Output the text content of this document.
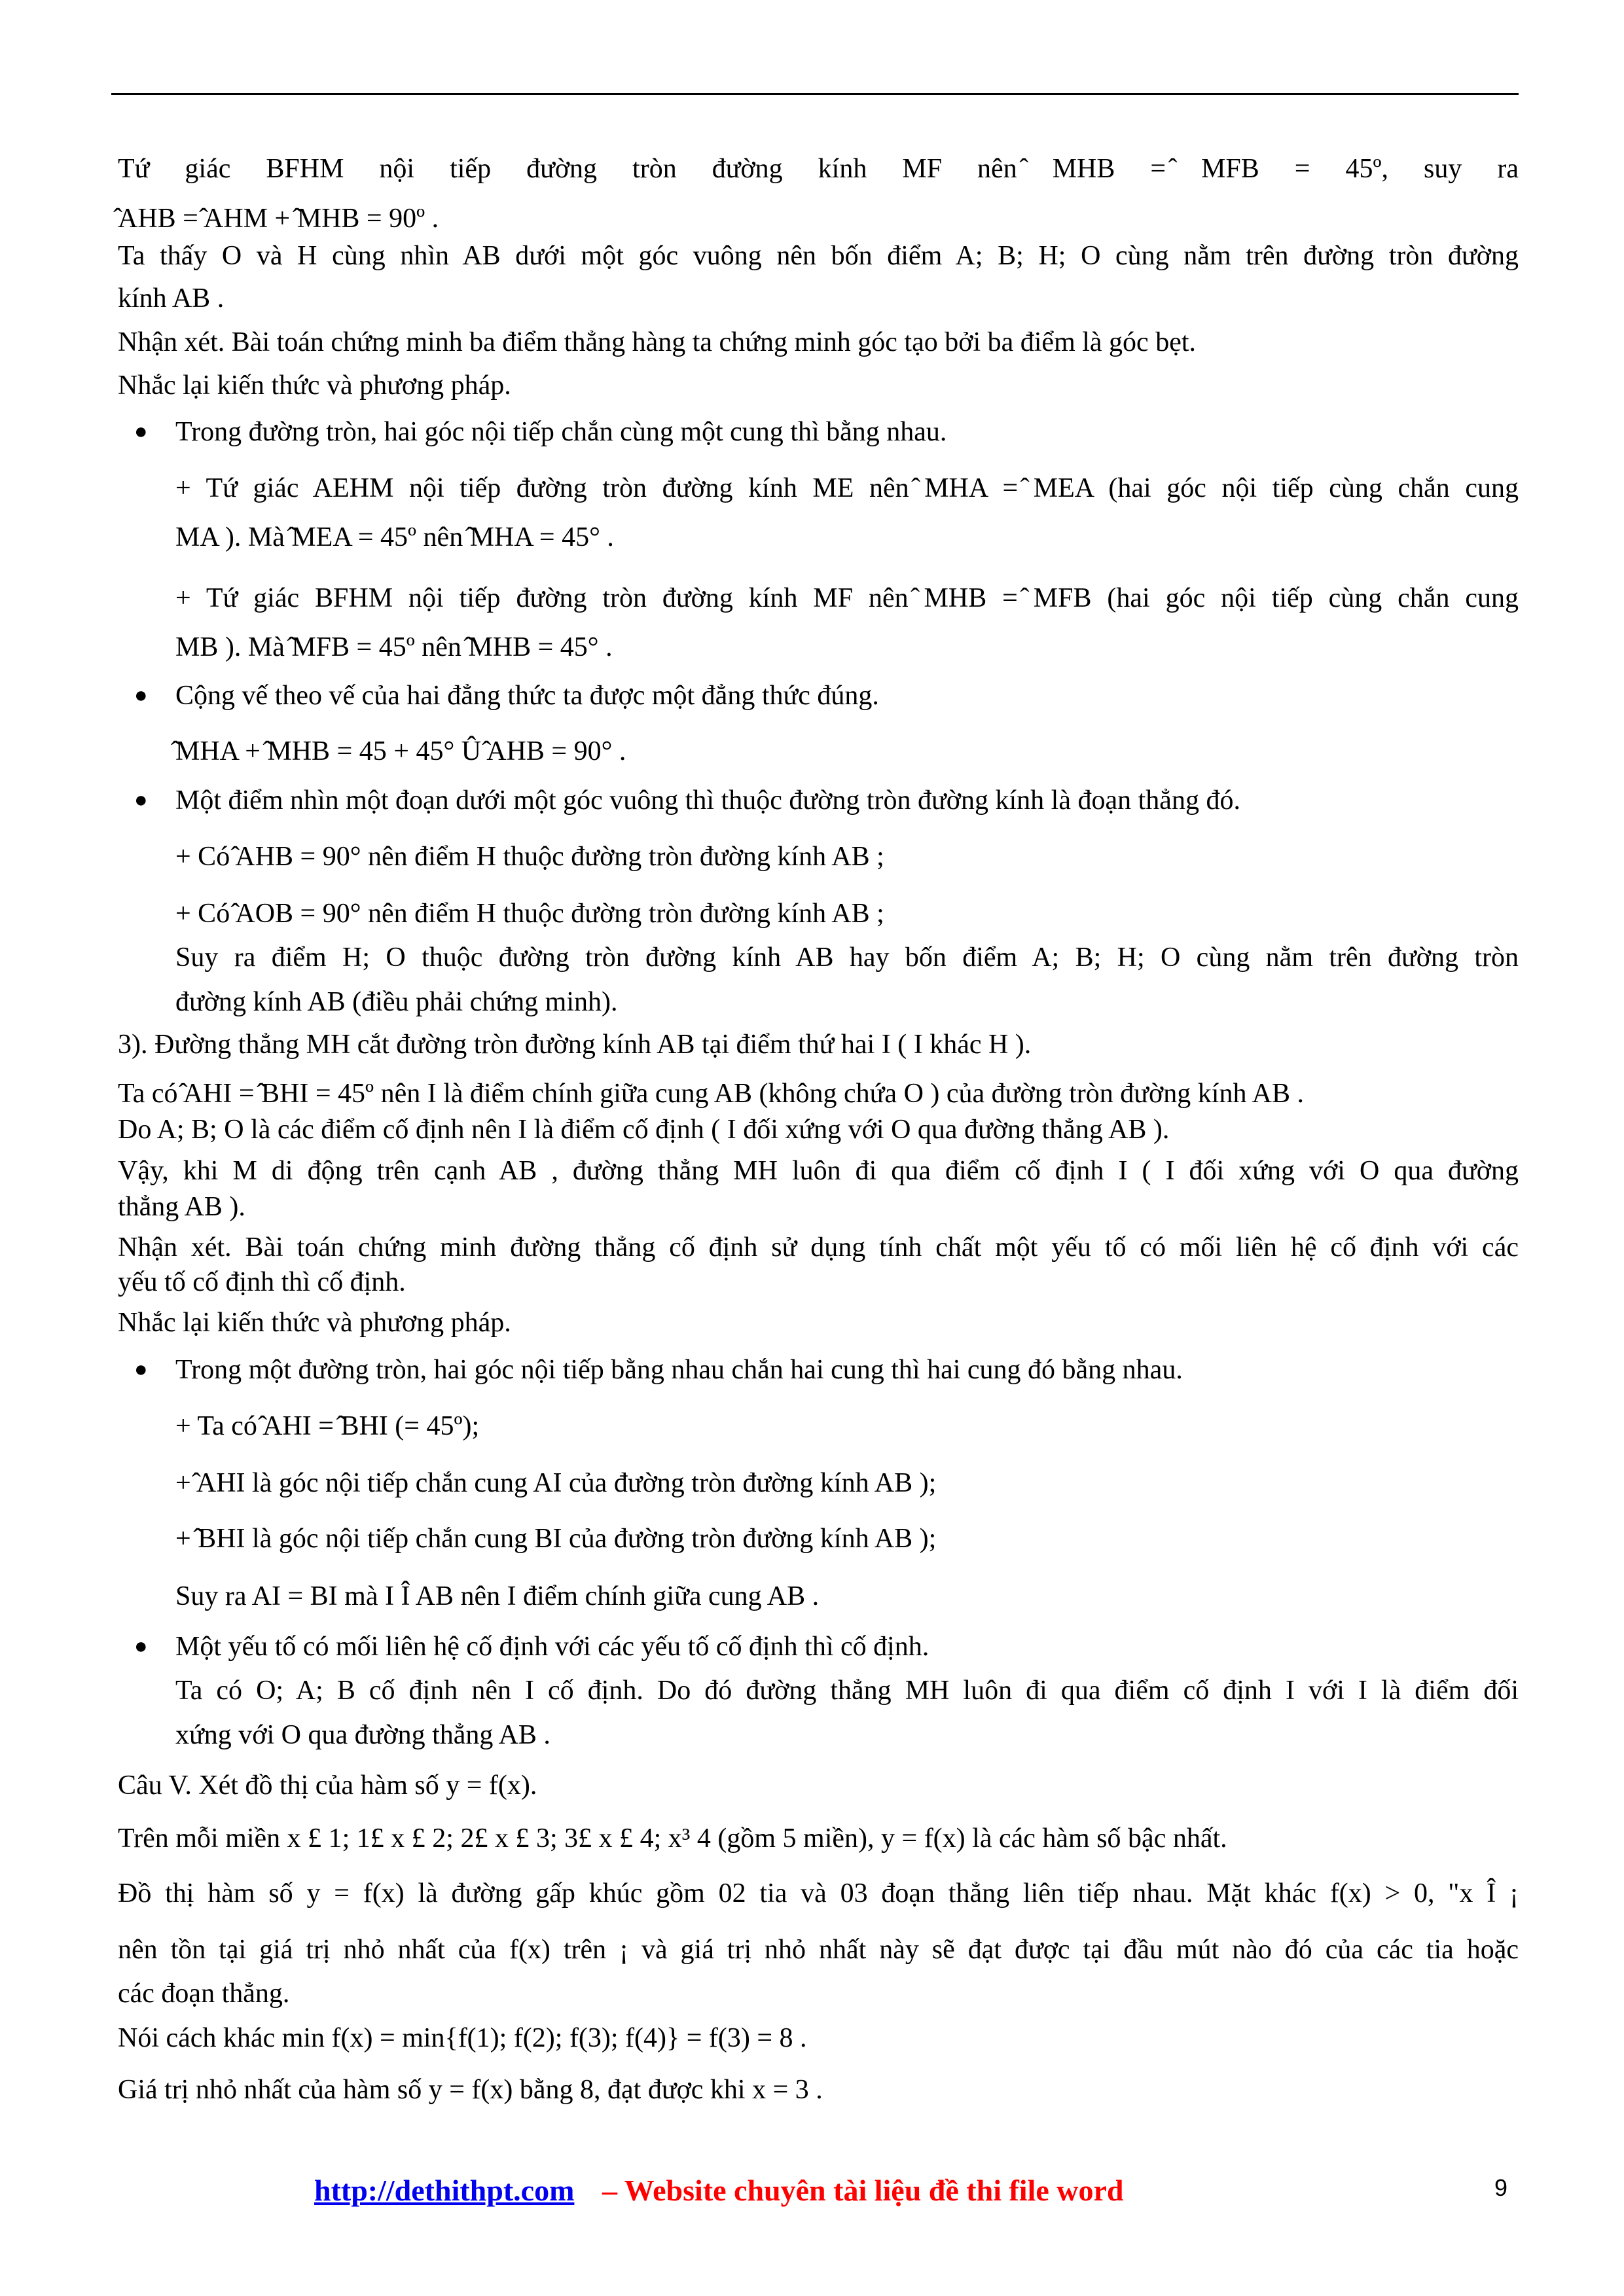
Tứ giác BFHM nội tiếp đường tròn đường kính MF nên ̂MHB = ̂MFB = 45º, suy ra
̂AHB = ̂AHM + ̂MHB = 90º .
Ta thấy O và H cùng nhìn AB dưới một góc vuông nên bốn điểm A; B; H; O cùng nằm trên đường tròn đường
kính AB .
Nhận xét. Bài toán chứng minh ba điểm thẳng hàng ta chứng minh góc tạo bởi ba điểm là góc bẹt.
Nhắc lại kiến thức và phương pháp.
● Trong đường tròn, hai góc nội tiếp chắn cùng một cung thì bằng nhau.
+ Tứ giác AEHM nội tiếp đường tròn đường kính ME nên ̂MHA = ̂MEA (hai góc nội tiếp cùng chắn cung
MA ). Mà ̂MEA = 45º nên ̂MHA = 45° .
+ Tứ giác BFHM nội tiếp đường tròn đường kính MF nên ̂MHB = ̂MFB (hai góc nội tiếp cùng chắn cung
MB ). Mà ̂MFB = 45º nên ̂MHB = 45° .
● Cộng vế theo vế của hai đẳng thức ta được một đẳng thức đúng.
̂MHA + ̂MHB = 45 + 45° Û ̂AHB = 90° .
● Một điểm nhìn một đoạn dưới một góc vuông thì thuộc đường tròn đường kính là đoạn thẳng đó.
+ Có ̂AHB = 90° nên điểm H thuộc đường tròn đường kính AB ;
+ Có ̂AOB = 90° nên điểm H thuộc đường tròn đường kính AB ;
Suy ra điểm H; O thuộc đường tròn đường kính AB hay bốn điểm A; B; H; O cùng nằm trên đường tròn
đường kính AB (điều phải chứng minh).
3). Đường thẳng MH cắt đường tròn đường kính AB tại điểm thứ hai I ( I khác H ).
Ta có ̂AHI = ̂BHI = 45º nên I là điểm chính giữa cung AB (không chứa O ) của đường tròn đường kính AB .
Do A; B; O là các điểm cố định nên I là điểm cố định ( I đối xứng với O qua đường thẳng AB ).
Vậy, khi M di động trên cạnh AB , đường thẳng MH luôn đi qua điểm cố định I ( I đối xứng với O qua đường
thẳng AB ).
Nhận xét. Bài toán chứng minh đường thẳng cố định sử dụng tính chất một yếu tố có mối liên hệ cố định với các
yếu tố cố định thì cố định.
Nhắc lại kiến thức và phương pháp.
● Trong một đường tròn, hai góc nội tiếp bằng nhau chắn hai cung thì hai cung đó bằng nhau.
+ Ta có ̂AHI = ̂BHI (= 45º);
+ ̂AHI là góc nội tiếp chắn cung AI của đường tròn đường kính AB );
+ ̂BHI là góc nội tiếp chắn cung BI của đường tròn đường kính AB );
Suy ra AI = BI mà I Î AB nên I điểm chính giữa cung AB .
● Một yếu tố có mối liên hệ cố định với các yếu tố cố định thì cố định.
Ta có O; A; B cố định nên I cố định. Do đó đường thẳng MH luôn đi qua điểm cố định I với I là điểm đối
xứng với O qua đường thẳng AB .
Câu V. Xét đồ thị của hàm số y = f(x).
Trên mỗi miền x £ 1; 1£ x £ 2; 2£ x £ 3; 3£ x £ 4; x³ 4 (gồm 5 miền), y = f(x) là các hàm số bậc nhất.
Đồ thị hàm số y = f(x) là đường gấp khúc gồm 02 tia và 03 đoạn thẳng liên tiếp nhau. Mặt khác f(x) > 0, "x Î ¡
nên tồn tại giá trị nhỏ nhất của f(x) trên ¡ và giá trị nhỏ nhất này sẽ đạt được tại đầu mút nào đó của các tia hoặc
các đoạn thẳng.
Nói cách khác min f(x) = min{f(1); f(2); f(3); f(4)} = f(3) = 8 .
Giá trị nhỏ nhất của hàm số y = f(x) bằng 8, đạt được khi x = 3 .
http://dethithpt.com – Website chuyên tài liệu đề thi file word	9
